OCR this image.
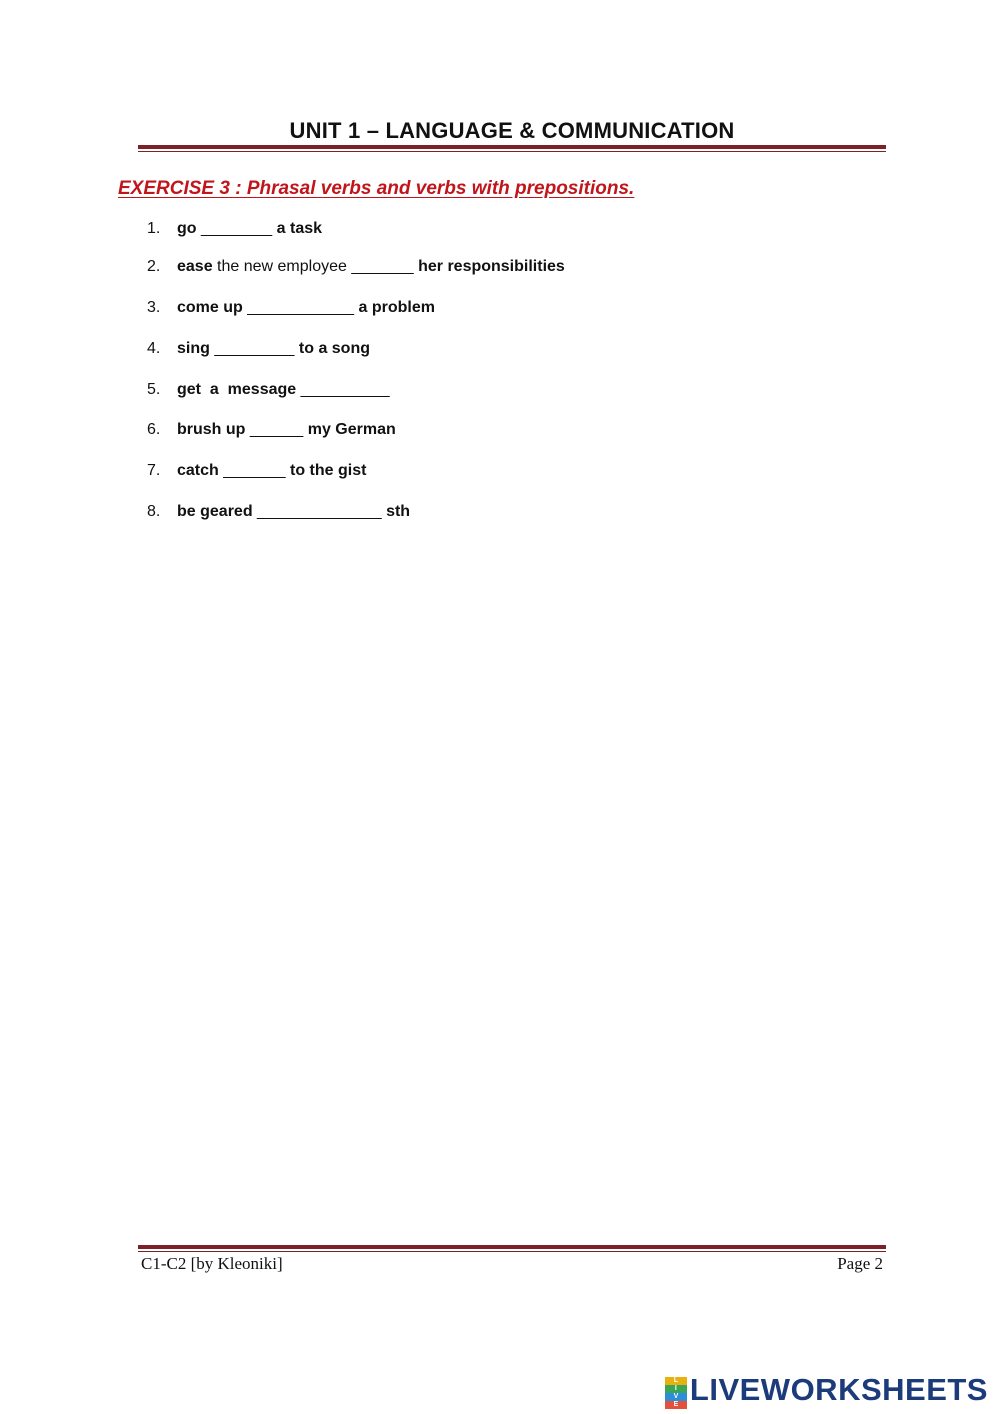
UNIT 1 – LANGUAGE & COMMUNICATION
EXERCISE 3 : Phrasal verbs and verbs with prepositions.
1. go ________ a task
2. ease the new employee _______ her responsibilities
3. come up ____________ a problem
4. sing _________ to a song
5. get  a  message __________
6. brush up ______ my German
7. catch _______ to the gist
8. be geared ______________ sth
C1-C2 [by Kleoniki]	Page 2
L
I
V
E LIVEWORKSHEETS
